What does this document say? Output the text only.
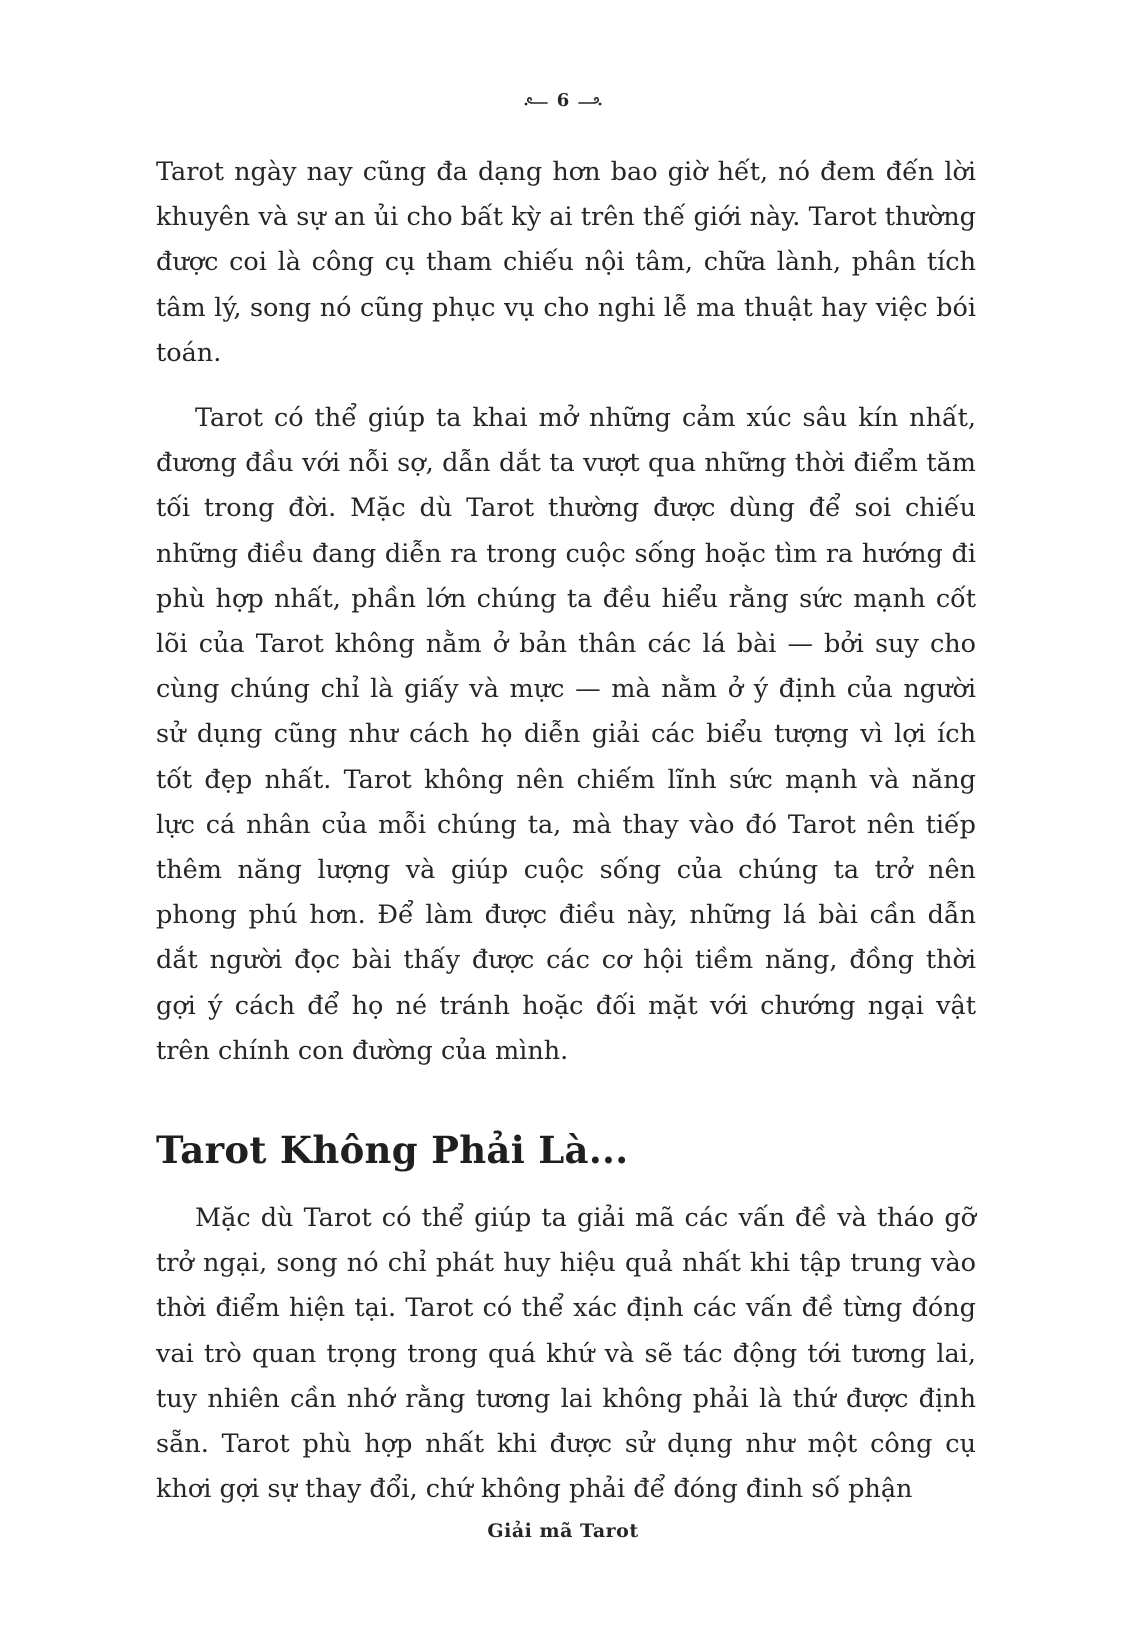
6

Tarot ngày nay cũng đa dạng hơn bao giờ hết, nó đem đến lời khuyên và sự an ủi cho bất kỳ ai trên thế giới này. Tarot thường được coi là công cụ tham chiếu nội tâm, chữa lành, phân tích tâm lý, song nó cũng phục vụ cho nghi lễ ma thuật hay việc bói toán.

Tarot có thể giúp ta khai mở những cảm xúc sâu kín nhất, đương đầu với nỗi sợ, dẫn dắt ta vượt qua những thời điểm tăm tối trong đời. Mặc dù Tarot thường được dùng để soi chiếu những điều đang diễn ra trong cuộc sống hoặc tìm ra hướng đi phù hợp nhất, phần lớn chúng ta đều hiểu rằng sức mạnh cốt lõi của Tarot không nằm ở bản thân các lá bài — bởi suy cho cùng chúng chỉ là giấy và mực — mà nằm ở ý định của người sử dụng cũng như cách họ diễn giải các biểu tượng vì lợi ích tốt đẹp nhất. Tarot không nên chiếm lĩnh sức mạnh và năng lực cá nhân của mỗi chúng ta, mà thay vào đó Tarot nên tiếp thêm năng lượng và giúp cuộc sống của chúng ta trở nên phong phú hơn. Để làm được điều này, những lá bài cần dẫn dắt người đọc bài thấy được các cơ hội tiềm năng, đồng thời gợi ý cách để họ né tránh hoặc đối mặt với chướng ngại vật trên chính con đường của mình.

Tarot Không Phải Là...

Mặc dù Tarot có thể giúp ta giải mã các vấn đề và tháo gỡ trở ngại, song nó chỉ phát huy hiệu quả nhất khi tập trung vào thời điểm hiện tại. Tarot có thể xác định các vấn đề từng đóng vai trò quan trọng trong quá khứ và sẽ tác động tới tương lai, tuy nhiên cần nhớ rằng tương lai không phải là thứ được định sẵn. Tarot phù hợp nhất khi được sử dụng như một công cụ khơi gợi sự thay đổi, chứ không phải để đóng đinh số phận

Giải mã Tarot
